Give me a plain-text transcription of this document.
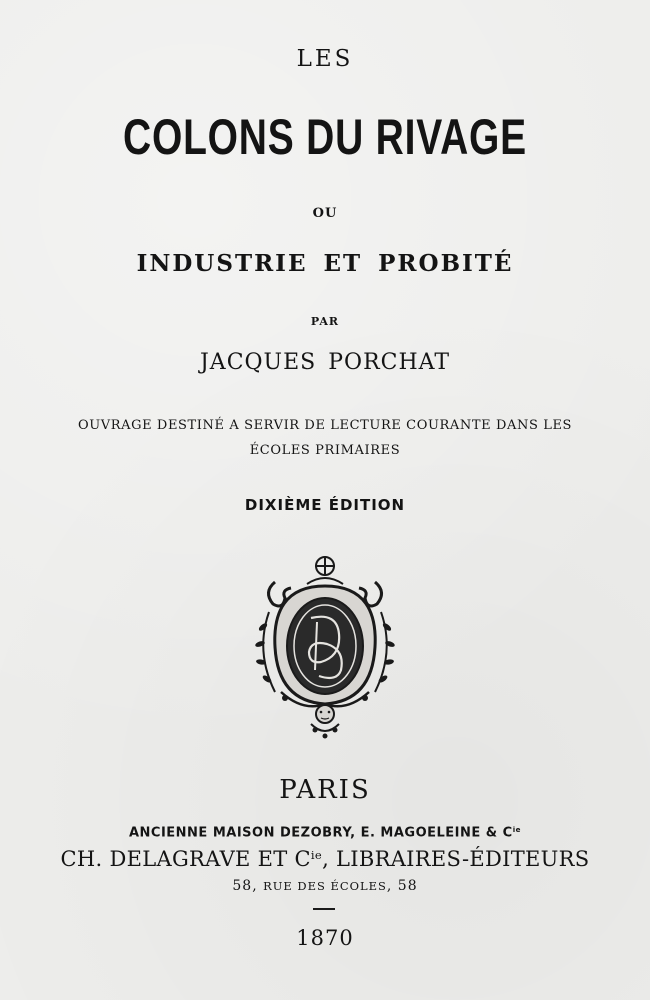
LES
COLONS DU RIVAGE
OU
INDUSTRIE ET PROBITÉ
PAR
JACQUES PORCHAT
OUVRAGE DESTINÉ A SERVIR DE LECTURE COURANTE DANS LES
ÉCOLES PRIMAIRES
DIXIÈME ÉDITION
PARIS
ANCIENNE MAISON DEZOBRY, E. MAGOELEINE & $C^{ie}$
CH. DELAGRAVE ET $C^{ie}$, LIBRAIRES-ÉDITEURS
58, RUE DES ÉCOLES, 58
1870
